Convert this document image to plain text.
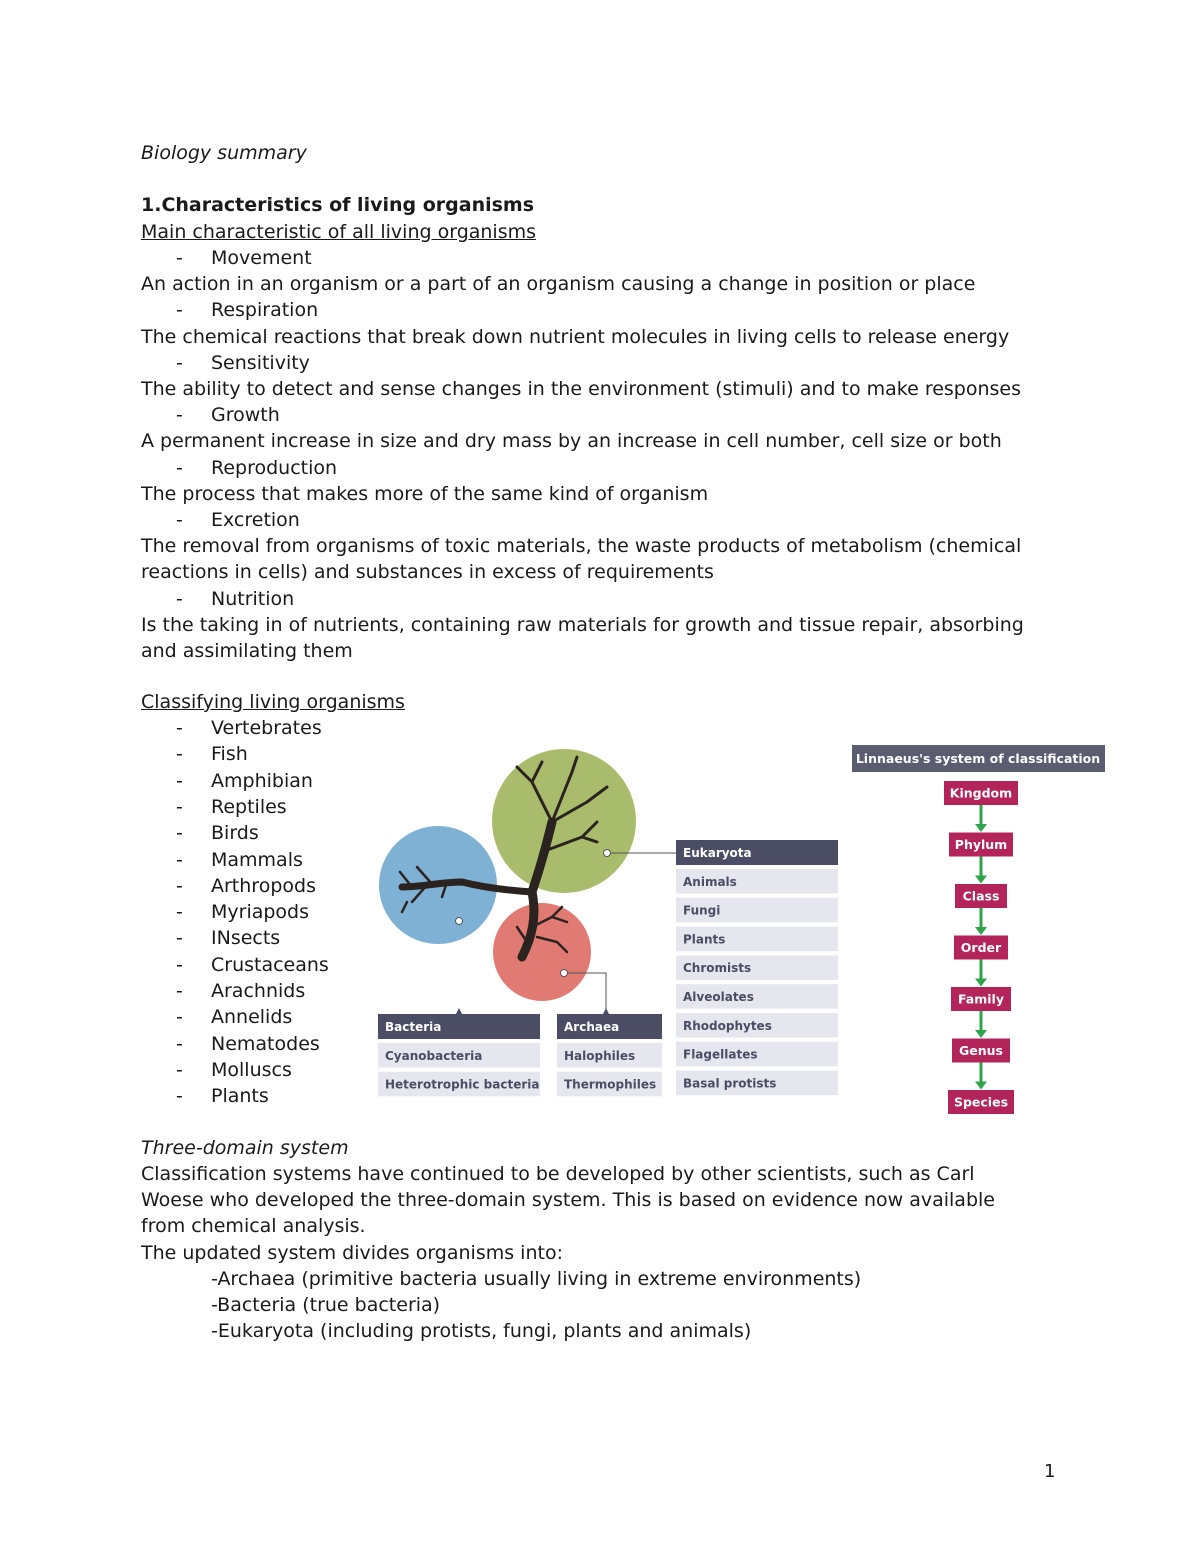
Biology summary
1.Characteristics of living organisms
Main characteristic of all living organisms
- Movement
An action in an organism or a part of an organism causing a change in position or place
- Respiration
The chemical reactions that break down nutrient molecules in living cells to release energy
- Sensitivity
The ability to detect and sense changes in the environment (stimuli) and to make responses
- Growth
A permanent increase in size and dry mass by an increase in cell number, cell size or both
- Reproduction
The process that makes more of the same kind of organism
- Excretion
The removal from organisms of toxic materials, the waste products of metabolism (chemical
reactions in cells) and substances in excess of requirements
- Nutrition
Is the taking in of nutrients, containing raw materials for growth and tissue repair, absorbing
and assimilating them
Classifying living organisms
- Vertebrates
- Fish
- Amphibian
- Reptiles
- Birds
- Mammals
- Arthropods
- Myriapods
- INsects
- Crustaceans
- Arachnids
- Annelids
- Nematodes
- Molluscs
- Plants
Bacteria
Cyanobacteria
Heterotrophic bacteria
Archaea
Halophiles
Thermophiles
Eukaryota
Animals
Fungi
Plants
Chromists
Alveolates
Rhodophytes
Flagellates
Basal protists
Linnaeus's system of classification
Kingdom
Phylum
Class
Order
Family
Genus
Species
Three-domain system
Classification systems have continued to be developed by other scientists, such as Carl
Woese who developed the three-domain system. This is based on evidence now available
from chemical analysis.
The updated system divides organisms into:
-Archaea (primitive bacteria usually living in extreme environments)
-Bacteria (true bacteria)
-Eukaryota (including protists, fungi, plants and animals)
1
